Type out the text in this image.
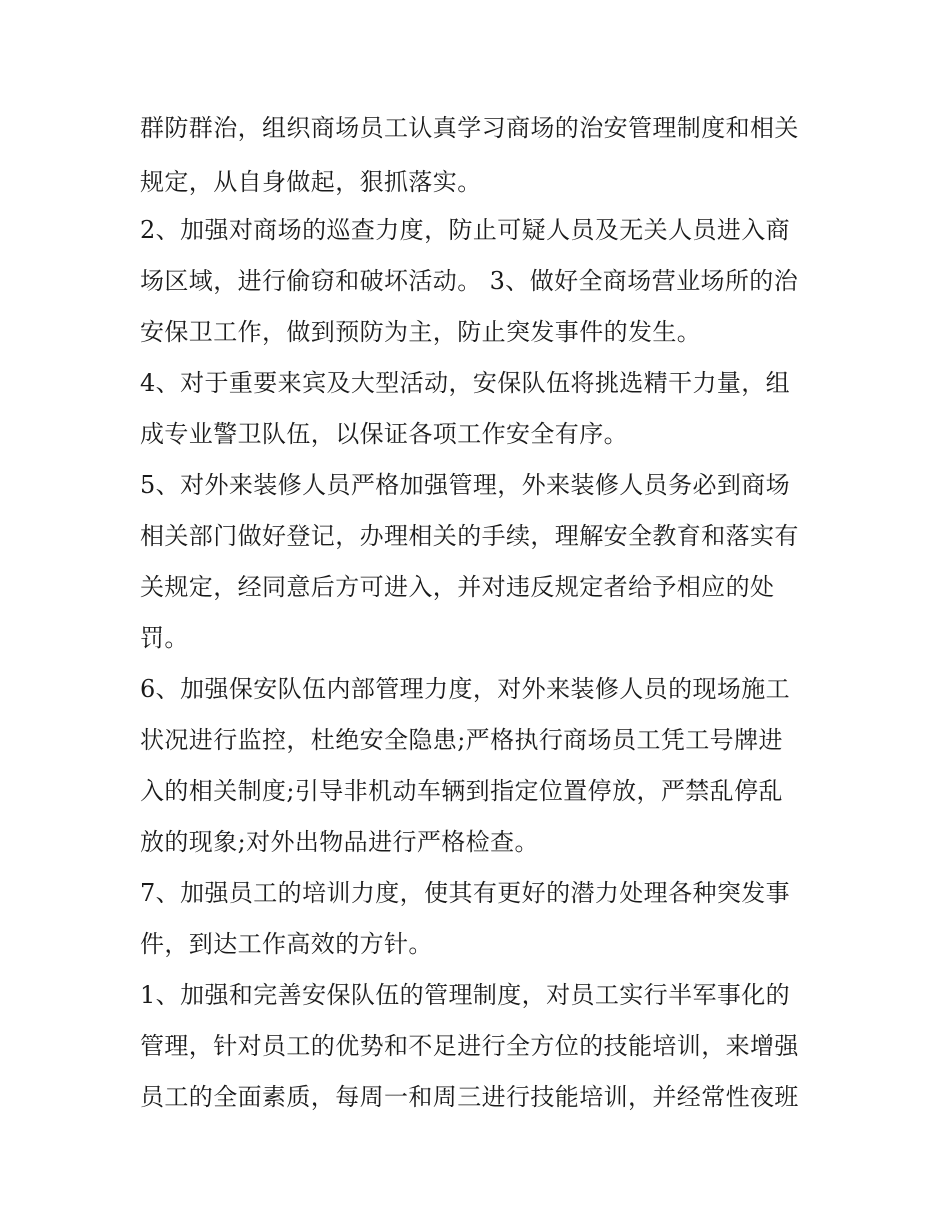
群防群治，组织商场员工认真学习商场的治安管理制度和相关
规定，从自身做起，狠抓落实。
2、加强对商场的巡查力度，防止可疑人员及无关人员进入商
场区域，进行偷窃和破坏活动。 3、做好全商场营业场所的治
安保卫工作，做到预防为主，防止突发事件的发生。
4、对于重要来宾及大型活动，安保队伍将挑选精干力量，组
成专业警卫队伍，以保证各项工作安全有序。
5、对外来装修人员严格加强管理，外来装修人员务必到商场
相关部门做好登记，办理相关的手续，理解安全教育和落实有
关规定，经同意后方可进入，并对违反规定者给予相应的处
罚。
6、加强保安队伍内部管理力度，对外来装修人员的现场施工
状况进行监控，杜绝安全隐患;严格执行商场员工凭工号牌进
入的相关制度;引导非机动车辆到指定位置停放，严禁乱停乱
放的现象;对外出物品进行严格检查。
7、加强员工的培训力度，使其有更好的潜力处理各种突发事
件，到达工作高效的方针。
1、加强和完善安保队伍的管理制度，对员工实行半军事化的
管理，针对员工的优势和不足进行全方位的技能培训，来增强
员工的全面素质，每周一和周三进行技能培训，并经常性夜班
